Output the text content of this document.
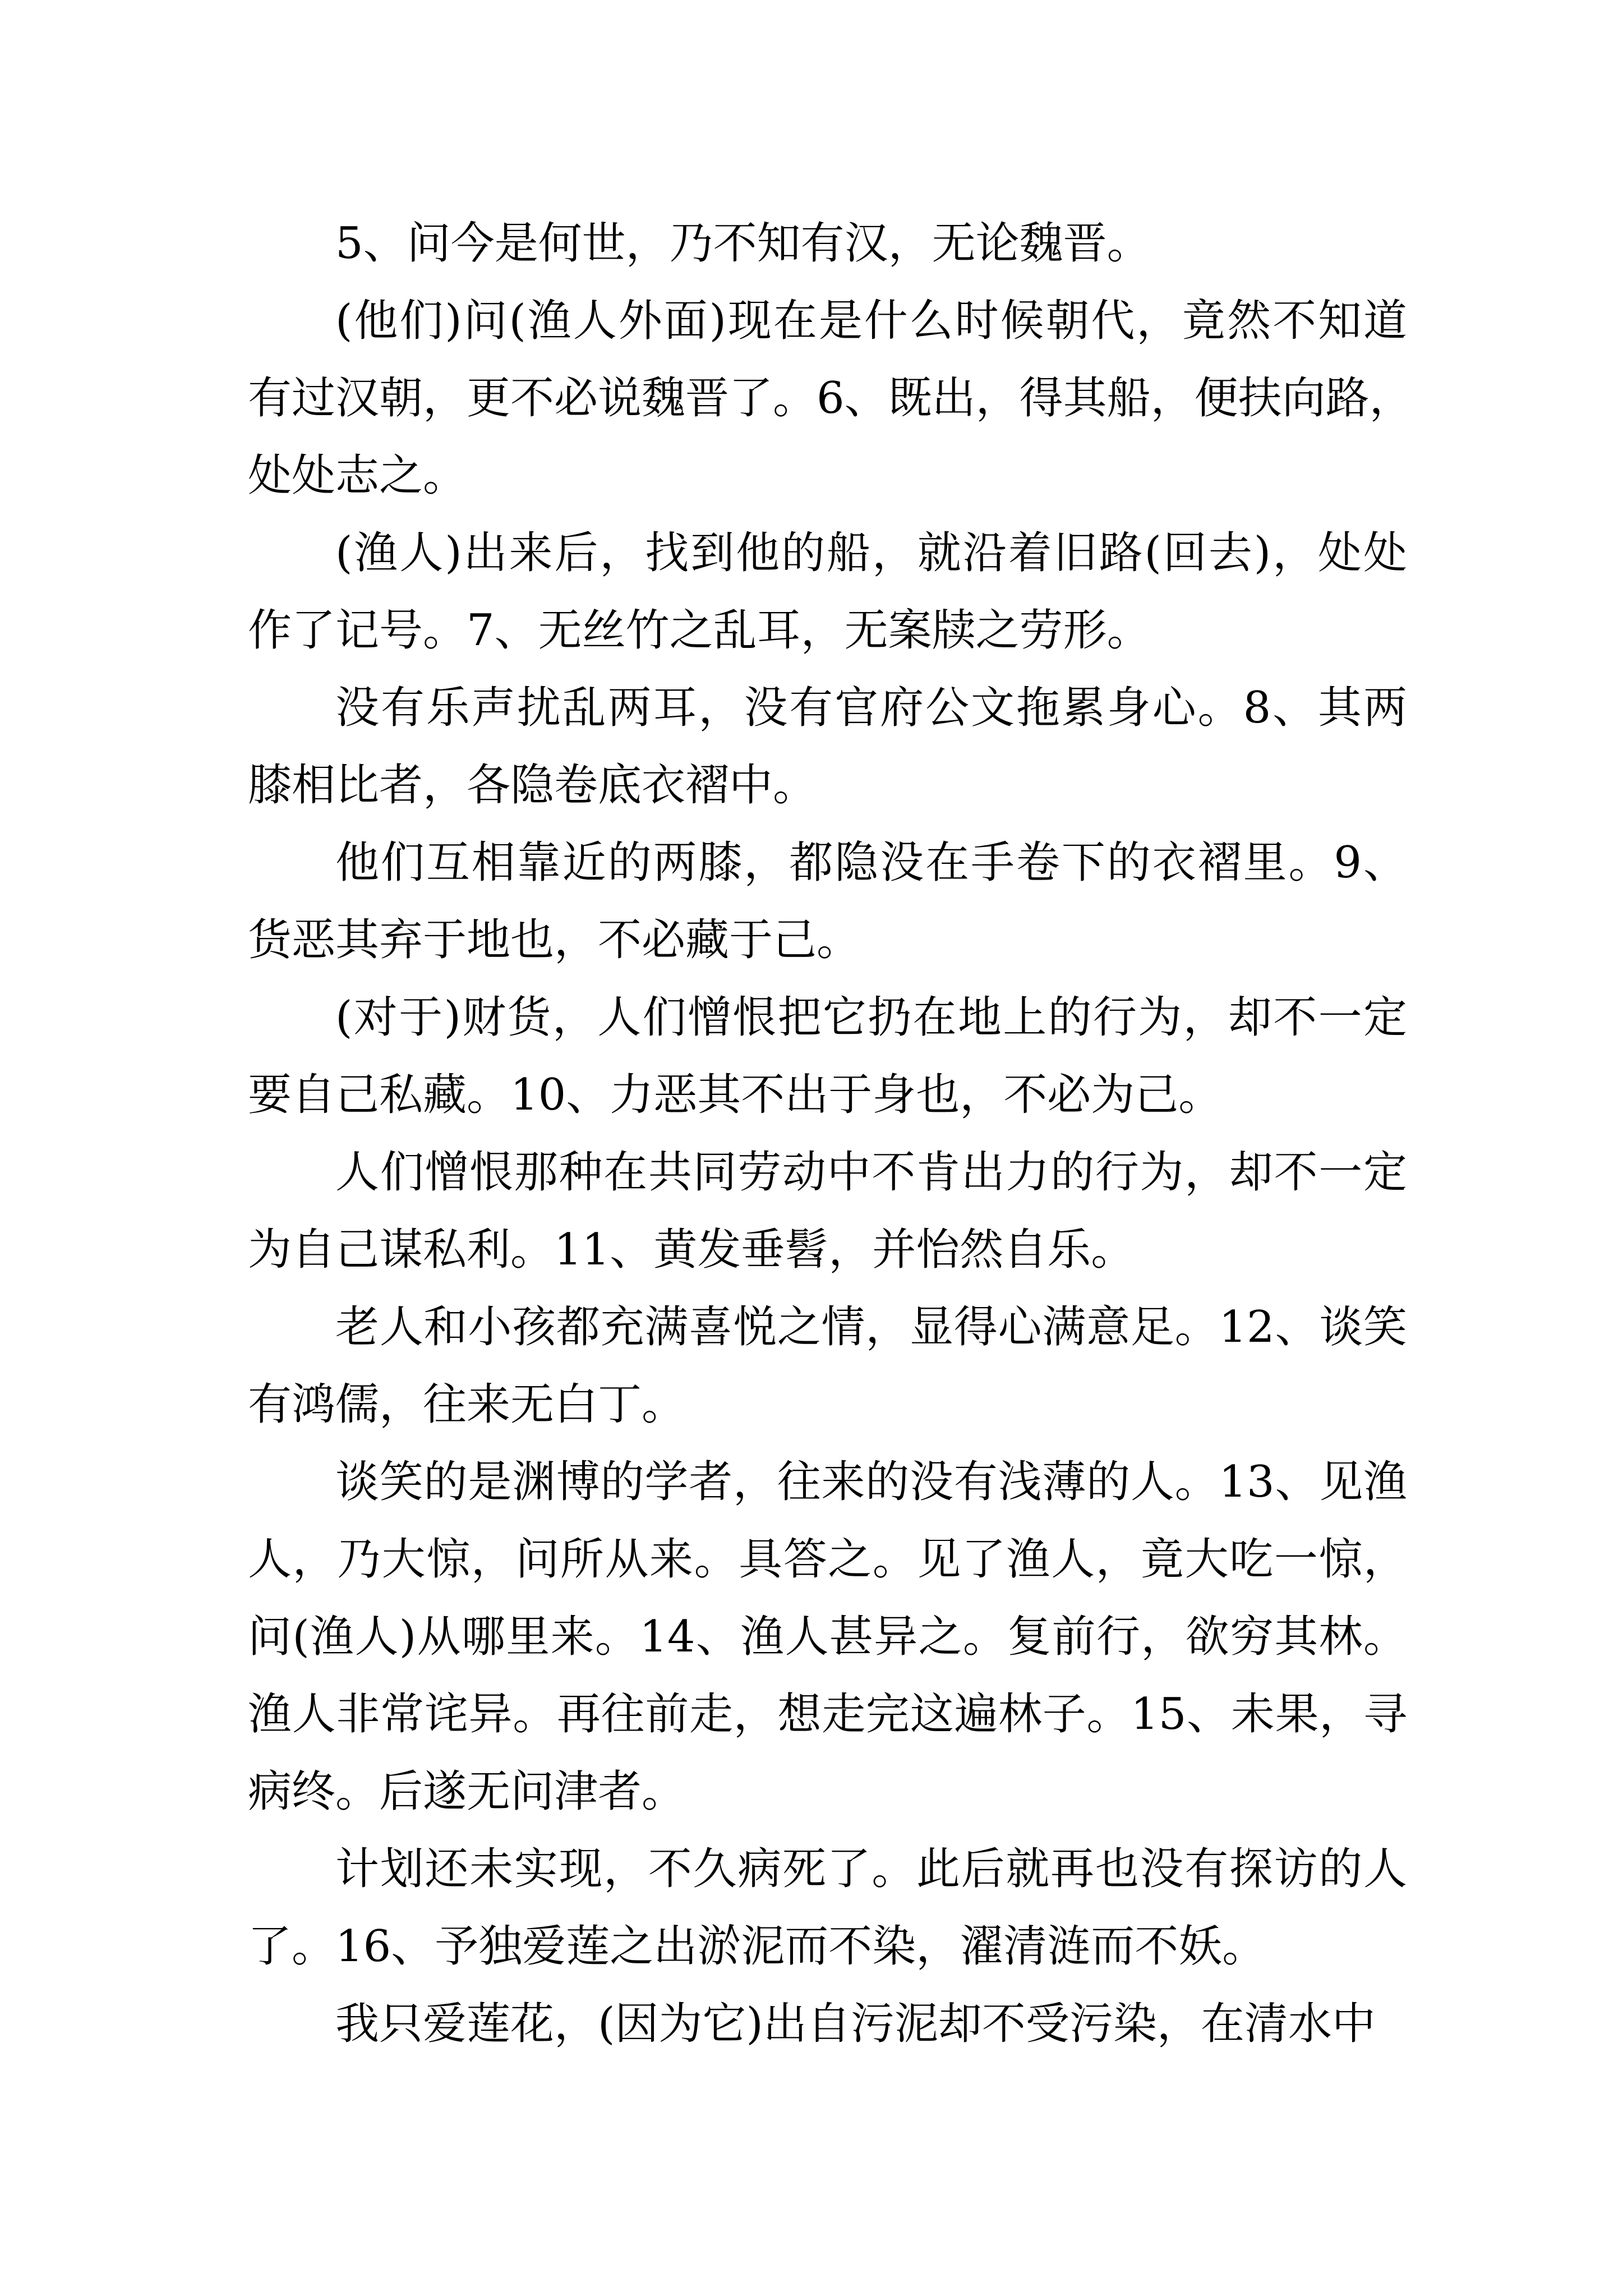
5、问今是何世，乃不知有汉，无论魏晋。
(他们)问(渔人外面)现在是什么时候朝代，竟然不知道
有过汉朝，更不必说魏晋了。6、既出，得其船，便扶向路，
处处志之。
(渔人)出来后，找到他的船，就沿着旧路(回去)，处处
作了记号。7、无丝竹之乱耳，无案牍之劳形。
没有乐声扰乱两耳，没有官府公文拖累身心。8、其两
膝相比者，各隐卷底衣褶中。
他们互相靠近的两膝，都隐没在手卷下的衣褶里。9、
货恶其弃于地也，不必藏于己。
(对于)财货，人们憎恨把它扔在地上的行为，却不一定
要自己私藏。10、力恶其不出于身也，不必为己。
人们憎恨那种在共同劳动中不肯出力的行为，却不一定
为自己谋私利。11、黄发垂髫，并怡然自乐。
老人和小孩都充满喜悦之情，显得心满意足。12、谈笑
有鸿儒，往来无白丁。
谈笑的是渊博的学者，往来的没有浅薄的人。13、见渔
人，乃大惊，问所从来。具答之。见了渔人，竟大吃一惊，
问(渔人)从哪里来。14、渔人甚异之。复前行，欲穷其林。
渔人非常诧异。再往前走，想走完这遍林子。15、未果，寻
病终。后遂无问津者。
计划还未实现，不久病死了。此后就再也没有探访的人
了。16、予独爱莲之出淤泥而不染，濯清涟而不妖。
我只爱莲花，(因为它)出自污泥却不受污染，在清水中
